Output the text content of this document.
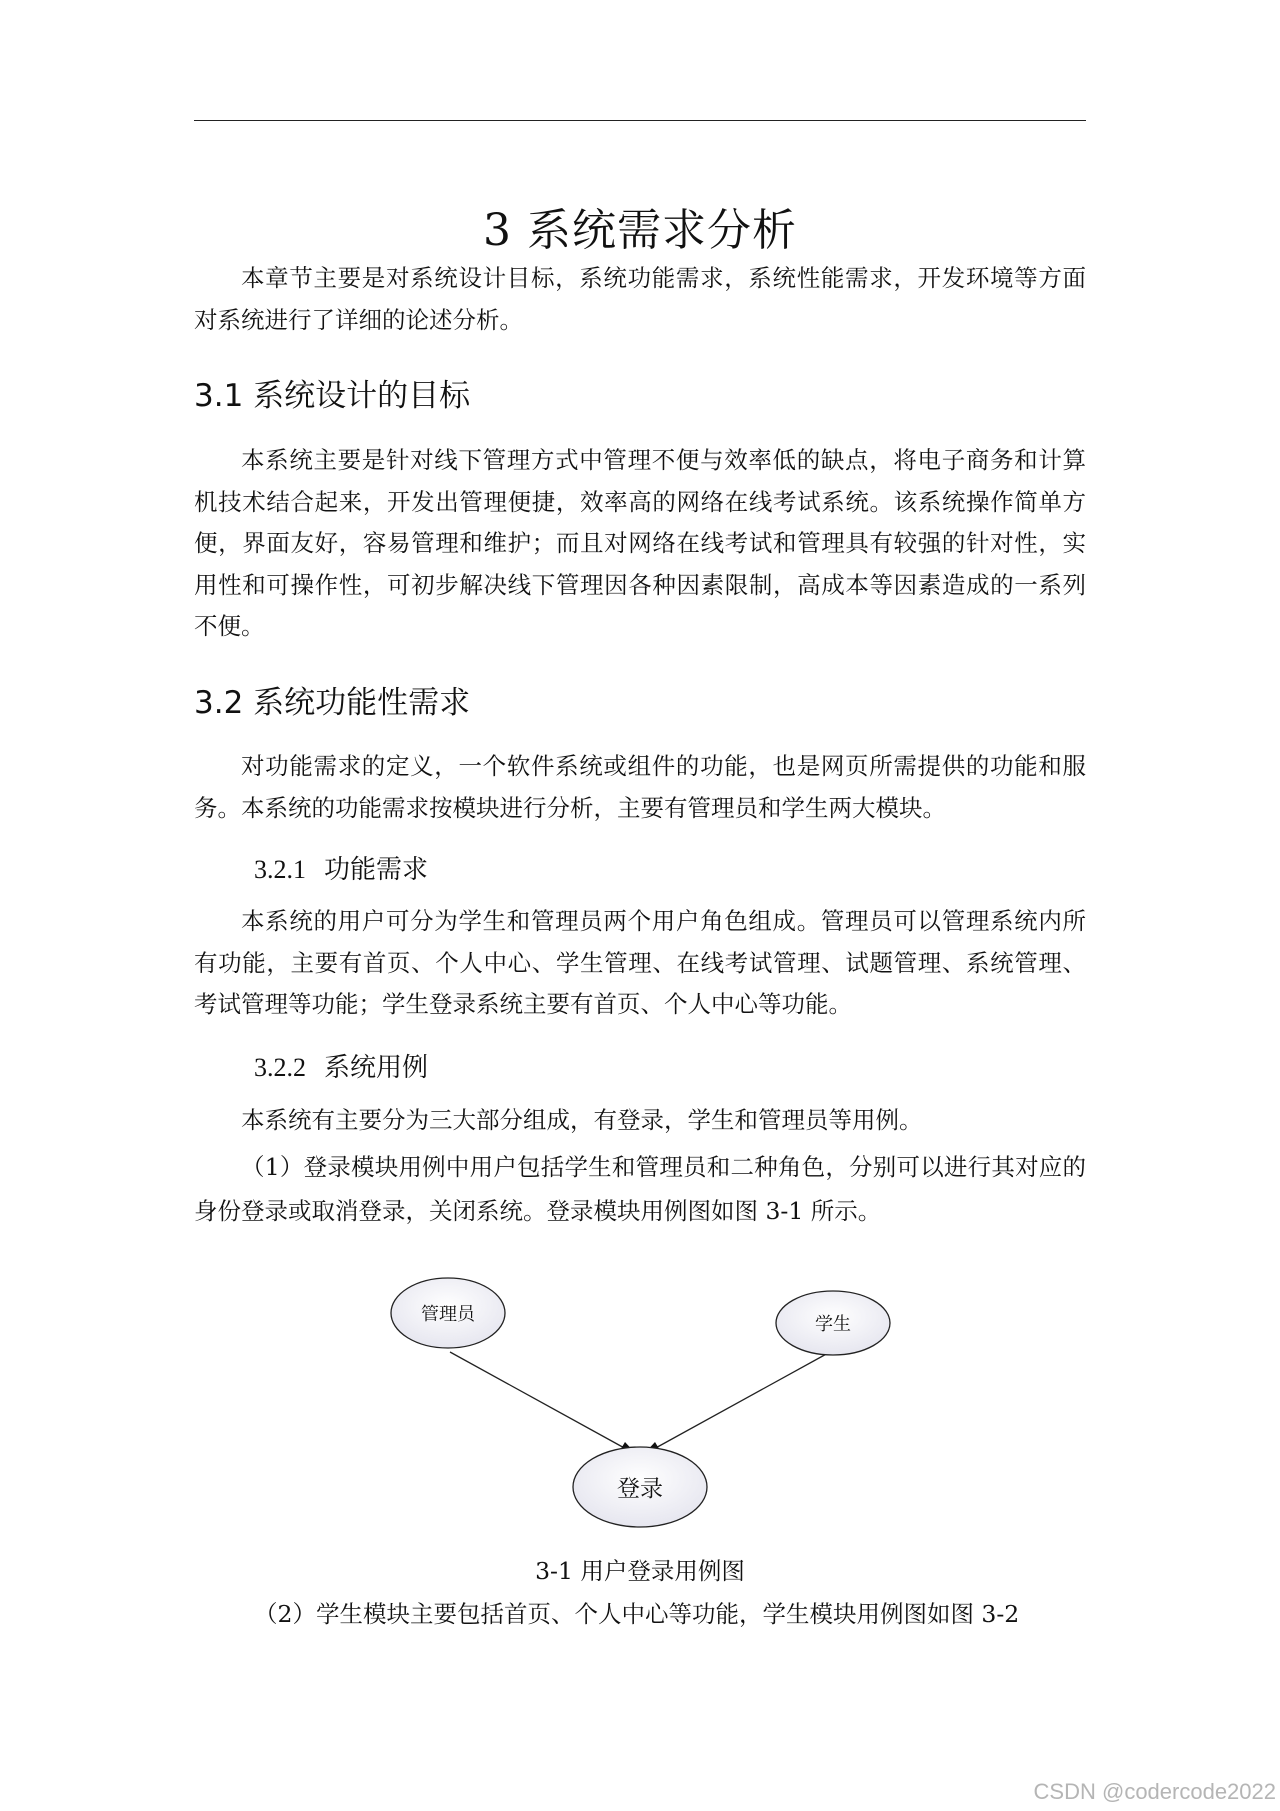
3 系统需求分析

本章节主要是对系统设计目标，系统功能需求，系统性能需求，开发环境等方面对系统进行了详细的论述分析。

3.1 系统设计的目标

本系统主要是针对线下管理方式中管理不便与效率低的缺点，将电子商务和计算机技术结合起来，开发出管理便捷，效率高的网络在线考试系统。该系统操作简单方便，界面友好，容易管理和维护；而且对网络在线考试和管理具有较强的针对性，实用性和可操作性，可初步解决线下管理因各种因素限制，高成本等因素造成的一系列不便。

3.2 系统功能性需求

对功能需求的定义，一个软件系统或组件的功能，也是网页所需提供的功能和服务。本系统的功能需求按模块进行分析，主要有管理员和学生两大模块。

3.2.1 功能需求

本系统的用户可分为学生和管理员两个用户角色组成。管理员可以管理系统内所有功能，主要有首页、个人中心、学生管理、在线考试管理、试题管理、系统管理、考试管理等功能；学生登录系统主要有首页、个人中心等功能。

3.2.2 系统用例

本系统有主要分为三大部分组成，有登录，学生和管理员等用例。

（1）登录模块用例中用户包括学生和管理员和二种角色，分别可以进行其对应的身份登录或取消登录，关闭系统。登录模块用例图如图 3-1 所示。

管理员	学生
登录
3-1 用户登录用例图

（2）学生模块主要包括首页、个人中心等功能，学生模块用例图如图 3-2

CSDN @codercode2022
